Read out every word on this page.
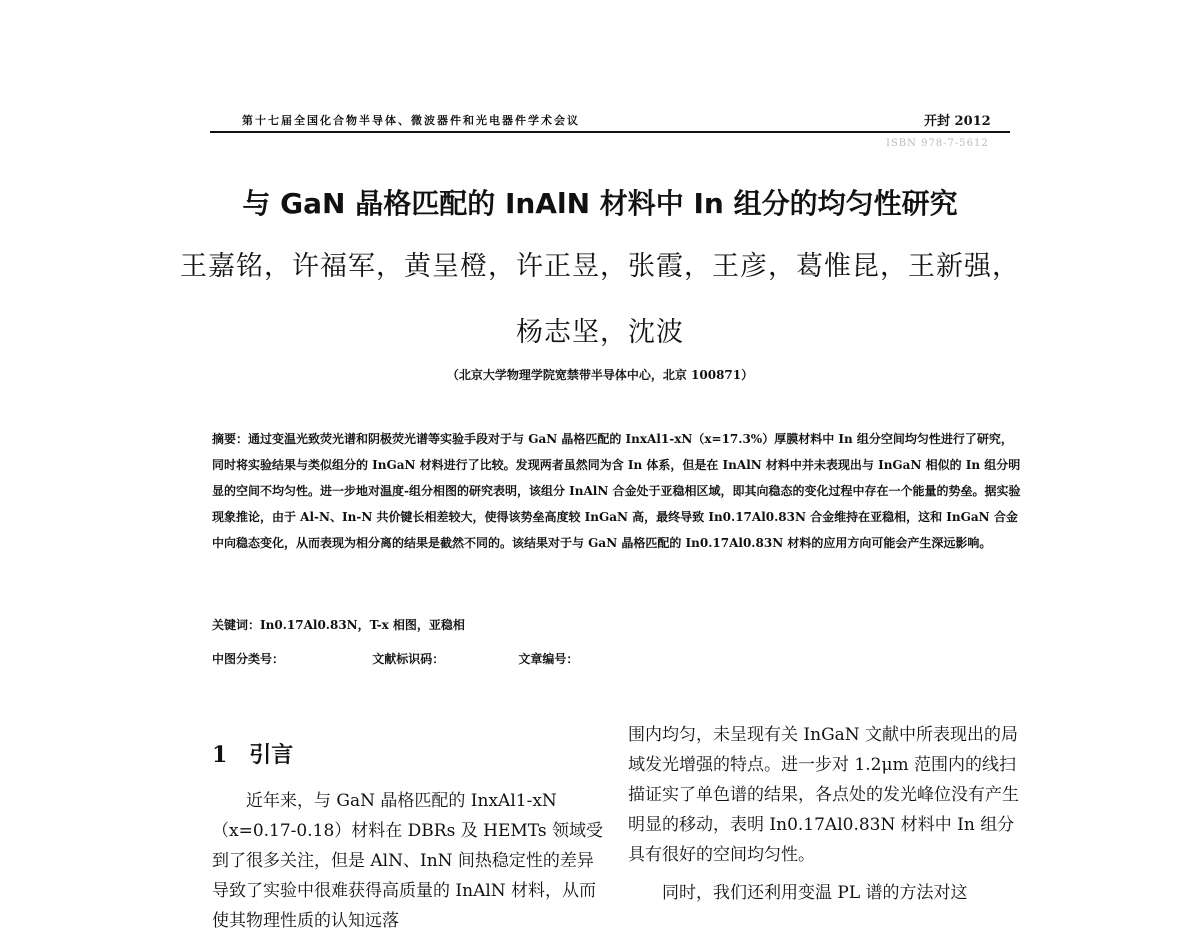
第十七届全国化合物半导体、微波器件和光电器件学术会议	开封 2012
ISBN 978-7-5612
与 GaN 晶格匹配的 InAlN 材料中 In 组分的均匀性研究
王嘉铭，许福军，黄呈橙，许正昱，张霞，王彦，葛惟昆，王新强，
杨志坚，沈波
（北京大学物理学院宽禁带半导体中心，北京 100871）
摘要：通过变温光致荧光谱和阴极荧光谱等实验手段对于与 GaN 晶格匹配的 InxAl1-xN（x=17.3%）厚膜材料中 In 组分空间均匀性进行了研究，同时将实验结果与类似组分的 InGaN 材料进行了比较。发现两者虽然同为含 In 体系，但是在 InAlN 材料中并未表现出与 InGaN 相似的 In 组分明显的空间不均匀性。进一步地对温度-组分相图的研究表明，该组分 InAlN 合金处于亚稳相区域，即其向稳态的变化过程中存在一个能量的势垒。据实验现象推论，由于 Al-N、In-N 共价键长相差较大，使得该势垒高度较 InGaN 高，最终导致 In0.17Al0.83N 合金维持在亚稳相，这和 InGaN 合金中向稳态变化，从而表现为相分离的结果是截然不同的。该结果对于与 GaN 晶格匹配的 In0.17Al0.83N 材料的应用方向可能会产生深远影响。
关键词：In0.17Al0.83N，T-x 相图，亚稳相
中图分类号：	文献标识码：	文章编号：
1　引言

近年来，与 GaN 晶格匹配的 InxAl1-xN（x=0.17-0.18）材料在 DBRs 及 HEMTs 领域受到了很多关注，但是 AlN、InN 间热稳定性的差异导致了实验中很难获得高质量的 InAlN 材料，从而使其物理性质的认知远落

围内均匀，未呈现有关 InGaN 文献中所表现出的局域发光增强的特点。进一步对 1.2μm 范围内的线扫描证实了单色谱的结果，各点处的发光峰位没有产生明显的移动，表明 In0.17Al0.83N 材料中 In 组分具有很好的空间均匀性。

同时，我们还利用变温 PL 谱的方法对这
